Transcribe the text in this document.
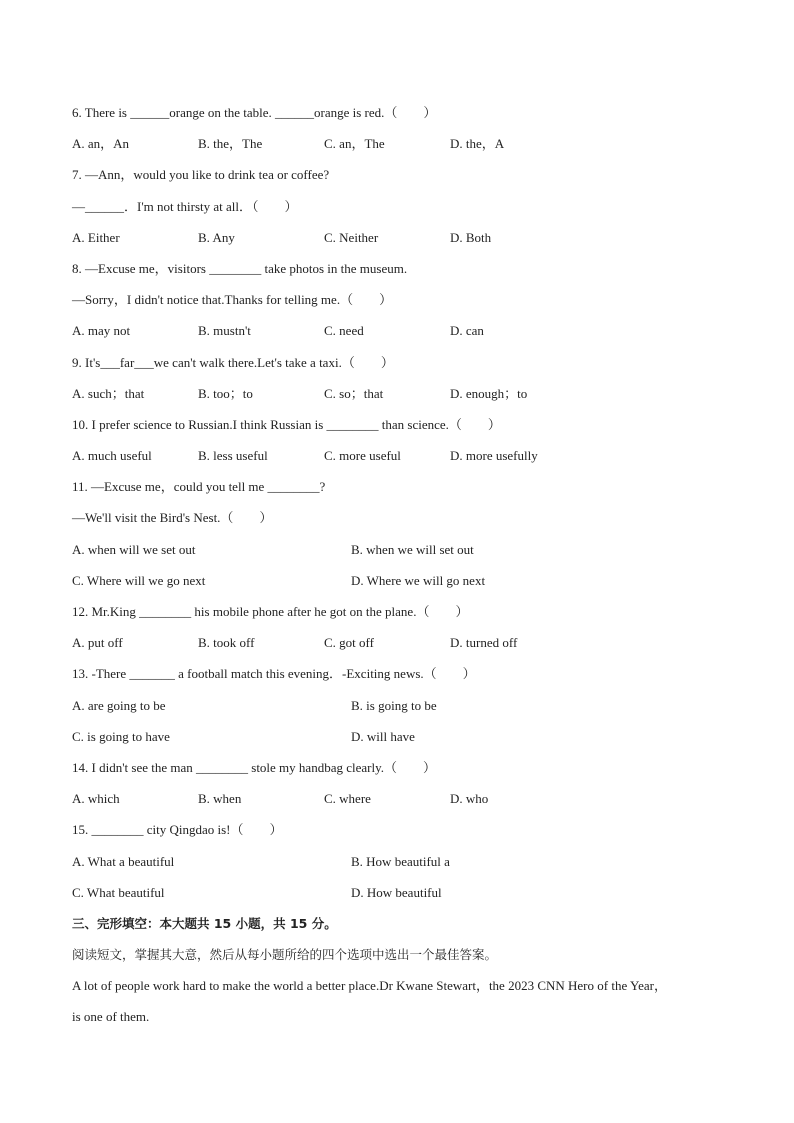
6. There is ______orange on the table. ______orange is red.（　　）
A. an，An	B. the，The	C. an，The	D. the，A
7. —Ann，would you like to drink tea or coffee?
—______．I'm not thirsty at all．（　　）
A. Either	B. Any	C. Neither	D. Both
8. —Excuse me，visitors ________ take photos in the museum.
—Sorry，I didn't notice that.Thanks for telling me.（　　）
A. may not	B. mustn't	C. need	D. can
9. It's___far___we can't walk there.Let's take a taxi.（　　）
A. such；that	B. too；to	C. so；that	D. enough；to
10. I prefer science to Russian.I think Russian is ________ than science.（　　）
A. much useful	B. less useful	C. more useful	D. more usefully
11. —Excuse me，could you tell me ________?
—We'll visit the Bird's Nest.（　　）
A. when will we set out	B. when we will set out
C. Where will we go next	D. Where we will go next
12. Mr.King ________ his mobile phone after he got on the plane.（　　）
A. put off	B. took off	C. got off	D. turned off
13. -There _______ a football match this evening．-Exciting news.（　　）
A. are going to be	B. is going to be
C. is going to have	D. will have
14. I didn't see the man ________ stole my handbag clearly.（　　）
A. which	B. when	C. where	D. who
15. ________ city Qingdao is!（　　）
A. What a beautiful	B. How beautiful a
C. What beautiful	D. How beautiful
三、完形填空：本大题共 15 小题，共 15 分。
阅读短文，掌握其大意，然后从每小题所给的四个选项中选出一个最佳答案。
A lot of people work hard to make the world a better place.Dr Kwane Stewart，the 2023 CNN Hero of the Year，
is one of them.
